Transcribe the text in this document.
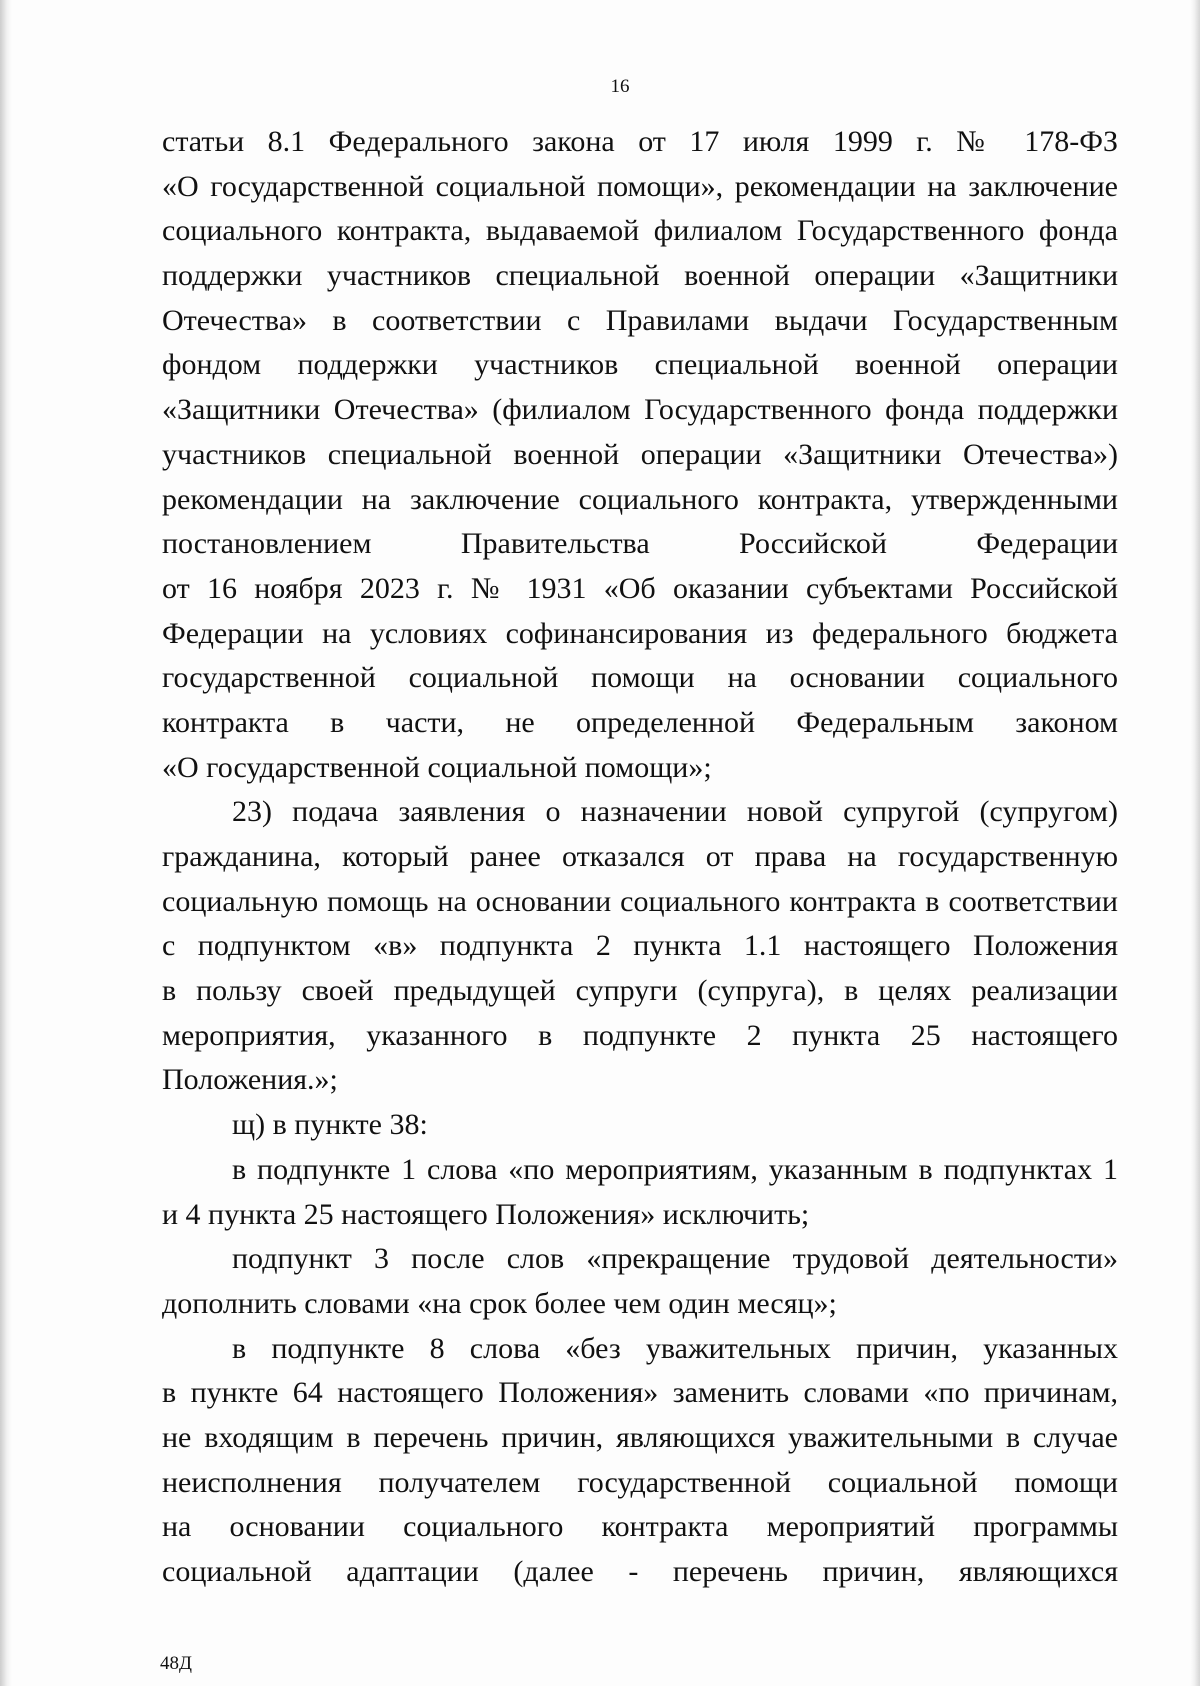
16
статьи 8.1 Федерального закона от 17 июля 1999 г. № 178-ФЗ
«О государственной социальной помощи», рекомендации на заключение
социального контракта, выдаваемой филиалом Государственного фонда
поддержки участников специальной военной операции «Защитники
Отечества» в соответствии с Правилами выдачи Государственным
фондом поддержки участников специальной военной операции
«Защитники Отечества» (филиалом Государственного фонда поддержки
участников специальной военной операции «Защитники Отечества»)
рекомендации на заключение социального контракта, утвержденными
постановлением Правительства Российской Федерации
от 16 ноября 2023 г. № 1931 «Об оказании субъектами Российской
Федерации на условиях софинансирования из федерального бюджета
государственной социальной помощи на основании социального
контракта в части, не определенной Федеральным законом
«О государственной социальной помощи»;
23) подача заявления о назначении новой супругой (супругом)
гражданина, который ранее отказался от права на государственную
социальную помощь на основании социального контракта в соответствии
с подпунктом «в» подпункта 2 пункта 1.1 настоящего Положения
в пользу своей предыдущей супруги (супруга), в целях реализации
мероприятия, указанного в подпункте 2 пункта 25 настоящего
Положения.»;
щ) в пункте 38:
в подпункте 1 слова «по мероприятиям, указанным в подпунктах 1
и 4 пункта 25 настоящего Положения» исключить;
подпункт 3 после слов «прекращение трудовой деятельности»
дополнить словами «на срок более чем один месяц»;
в подпункте 8 слова «без уважительных причин, указанных
в пункте 64 настоящего Положения» заменить словами «по причинам,
не входящим в перечень причин, являющихся уважительными в случае
неисполнения получателем государственной социальной помощи
на основании социального контракта мероприятий программы
социальной адаптации (далее - перечень причин, являющихся
48Д
